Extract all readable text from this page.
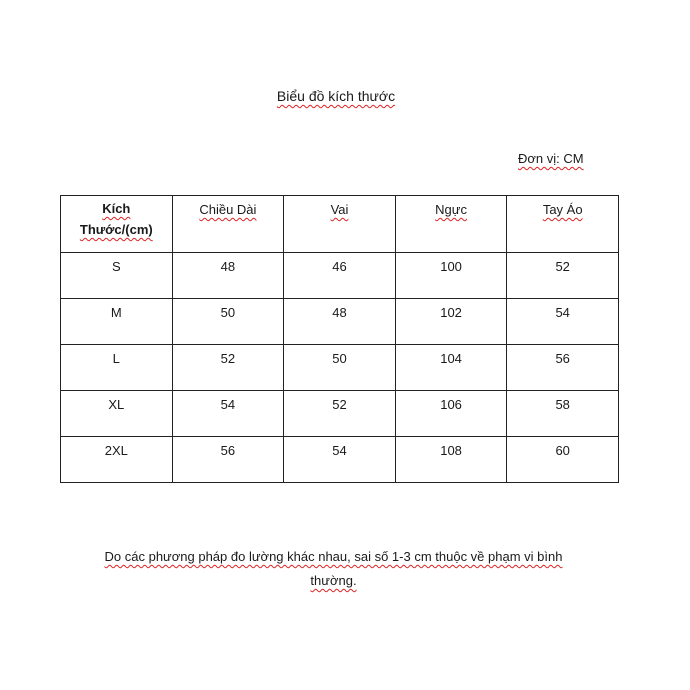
Biểu đồ kích thước
Đơn vị: CM
Kích Thước/(cm)	Chiều Dài	Vai	Ngực	Tay Áo
S	48	46	100	52
M	50	48	102	54
L	52	50	104	56
XL	54	52	106	58
2XL	56	54	108	60
Do các phương pháp đo lường khác nhau, sai số 1-3 cm thuộc về phạm vi bình thường.
